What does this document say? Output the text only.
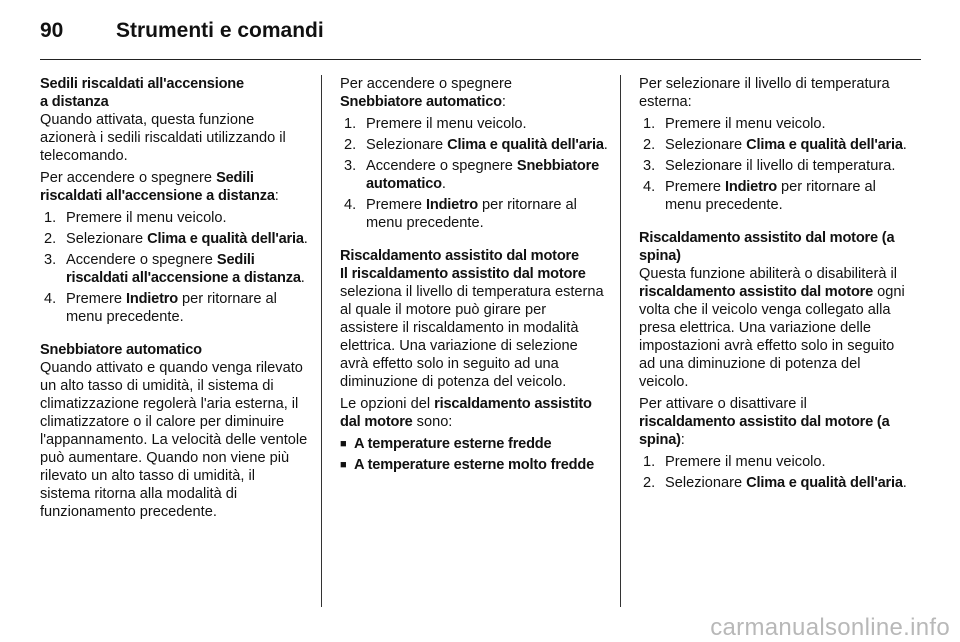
90	Strumenti e comandi
Sedili riscaldati all'accensione
a distanza

Quando attivata, questa funzione azionerà i sedili riscaldati utilizzando il telecomando.

Per accendere o spegnere Sedili riscaldati all'accensione a distanza:

1. Premere il menu veicolo.
2. Selezionare Clima e qualità dell'aria.
3. Accendere o spegnere Sedili riscaldati all'accensione a distanza.
4. Premere Indietro per ritornare al menu precedente.
Snebbiatore automatico

Quando attivato e quando venga rilevato un alto tasso di umidità, il sistema di climatizzazione regolerà l'aria esterna, il climatizzatore o il calore per diminuire l'appannamento. La velocità delle ventole può aumentare. Quando non viene più rilevato un alto tasso di umidità, il sistema ritorna alla modalità di funzionamento precedente.

Per accendere o spegnere
Snebbiatore automatico:

1. Premere il menu veicolo.
2. Selezionare Clima e qualità dell'aria.
3. Accendere o spegnere Snebbiatore automatico.
4. Premere Indietro per ritornare al menu precedente.
Riscaldamento assistito dal motore

Il riscaldamento assistito dal motore seleziona il livello di temperatura esterna al quale il motore può girare per assistere il riscaldamento in modalità elettrica. Una variazione di selezione avrà effetto solo in seguito ad una diminuzione di potenza del veicolo.

Le opzioni del riscaldamento assistito dal motore sono:

■ A temperature esterne fredde
■ A temperature esterne molto fredde

Per selezionare il livello di temperatura esterna:

1. Premere il menu veicolo.
2. Selezionare Clima e qualità dell'aria.
3. Selezionare il livello di temperatura.
4. Premere Indietro per ritornare al menu precedente.
Riscaldamento assistito dal motore (a spina)

Questa funzione abiliterà o disabiliterà il riscaldamento assistito dal motore ogni volta che il veicolo venga collegato alla presa elettrica. Una variazione delle impostazioni avrà effetto solo in seguito ad una diminuzione di potenza del veicolo.

Per attivare o disattivare il
riscaldamento assistito dal motore (a spina):

1. Premere il menu veicolo.
2. Selezionare Clima e qualità dell'aria.
carmanualsonline.info
